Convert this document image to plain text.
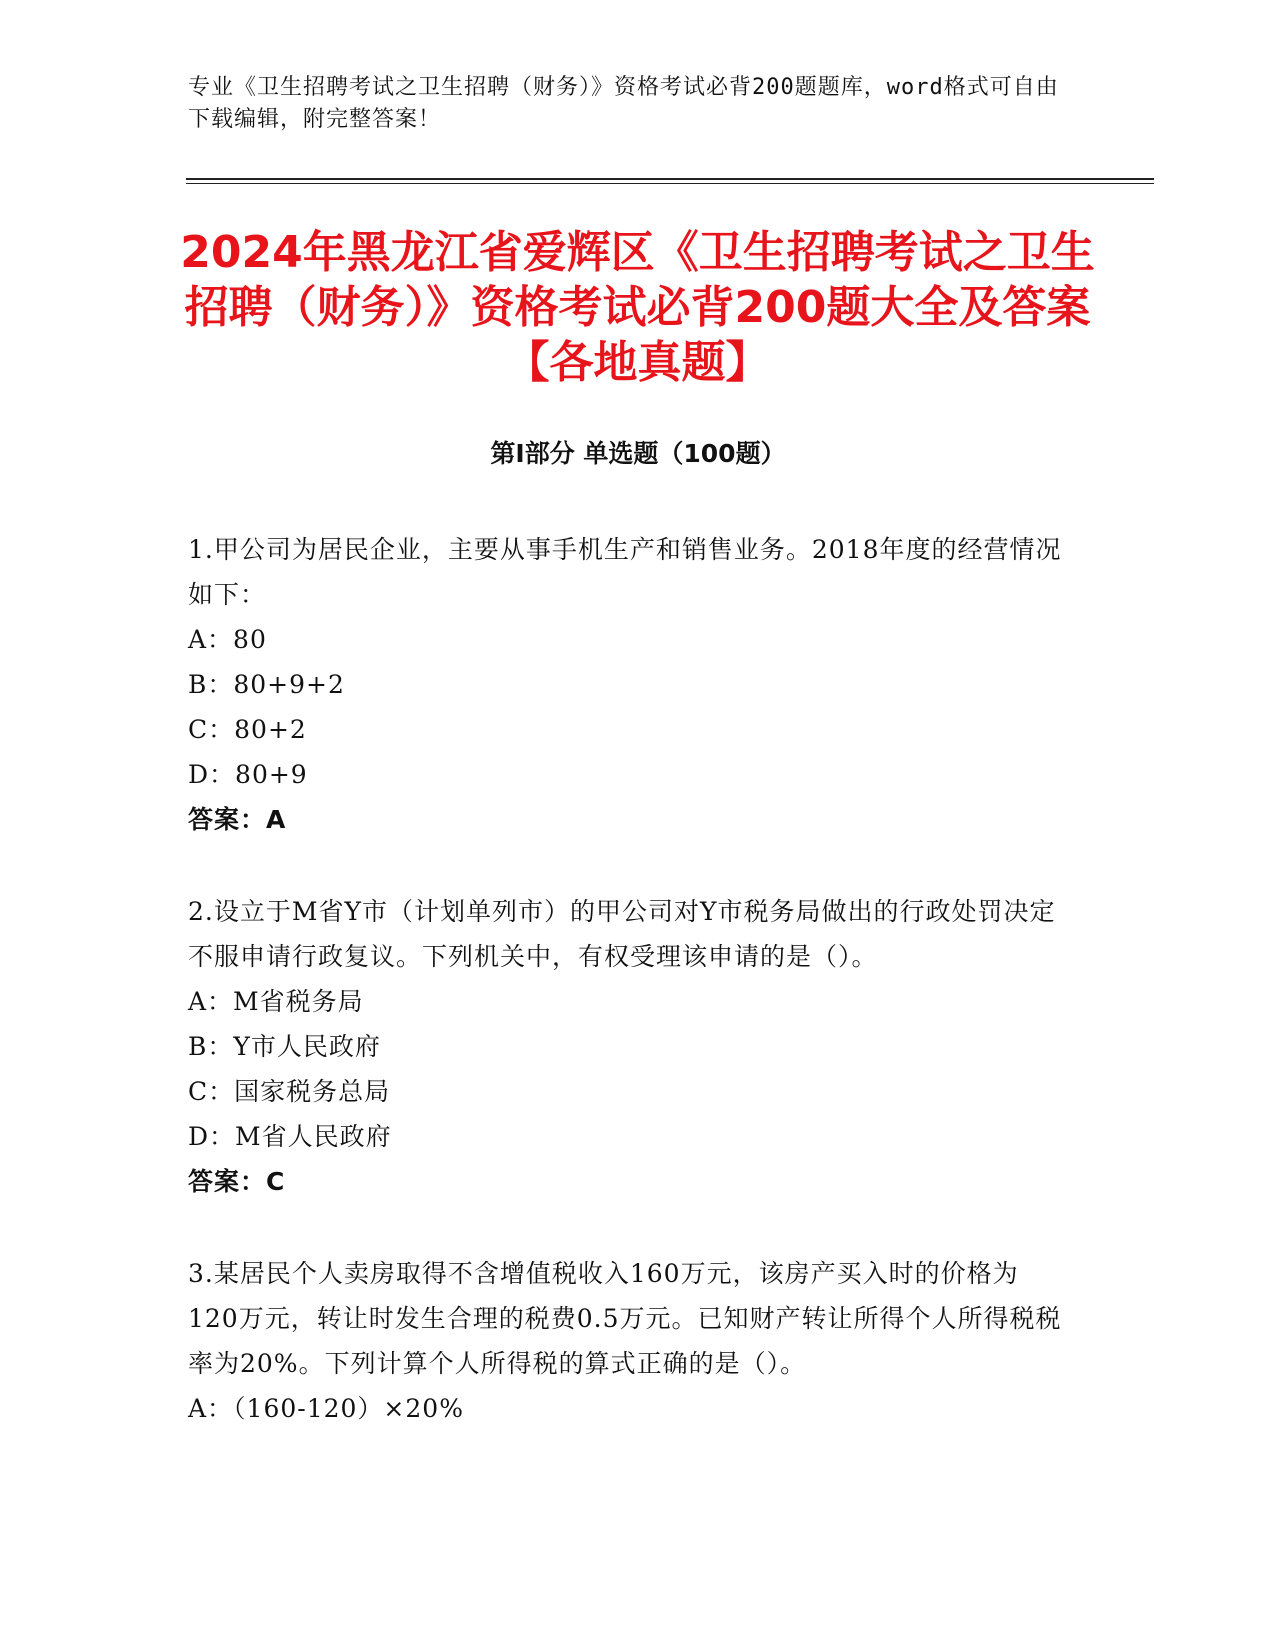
专业《卫生招聘考试之卫生招聘（财务）》资格考试必背200题题库，word格式可自由下载编辑，附完整答案！
2024年黑龙江省爱辉区《卫生招聘考试之卫生招聘（财务）》资格考试必背200题大全及答案【各地真题】
第Ⅰ部分 单选题（100题）
1.甲公司为居民企业，主要从事手机生产和销售业务。2018年度的经营情况如下：
A：80
B：80+9+2
C：80+2
D：80+9
答案：A
2.设立于M省Y市（计划单列市）的甲公司对Y市税务局做出的行政处罚决定不服申请行政复议。下列机关中，有权受理该申请的是（）。
A：M省税务局
B：Y市人民政府
C：国家税务总局
D：M省人民政府
答案：C
3.某居民个人卖房取得不含增值税收入160万元，该房产买入时的价格为120万元，转让时发生合理的税费0.5万元。已知财产转让所得个人所得税税率为20%。下列计算个人所得税的算式正确的是（）。
A：（160-120）×20%
